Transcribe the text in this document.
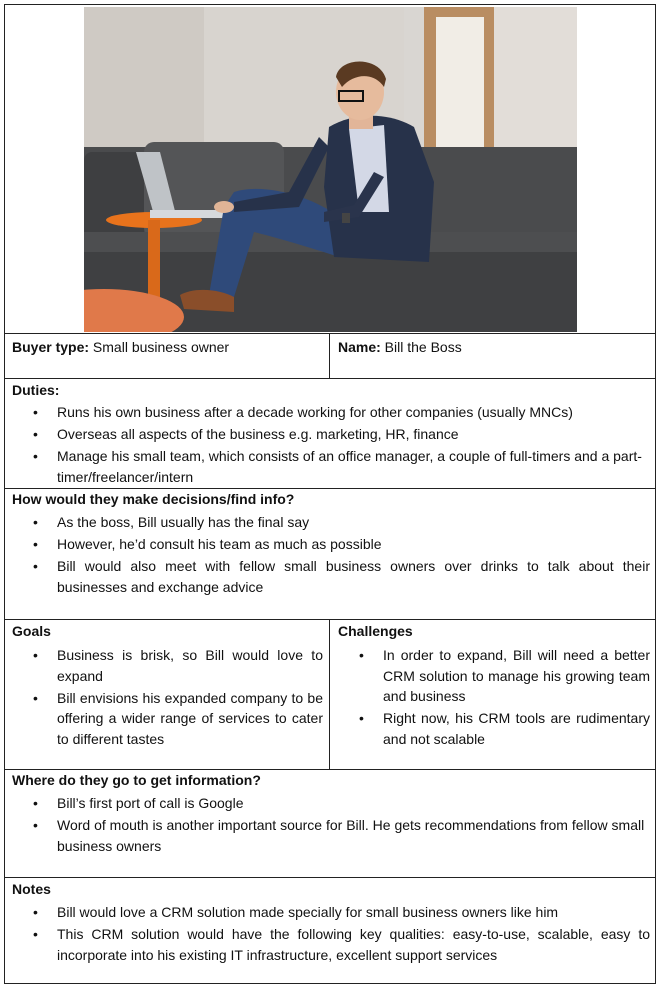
Buyer type: Small business owner	Name: Bill the Boss
Duties:
• Runs his own business after a decade working for other companies (usually MNCs)
• Overseas all aspects of the business e.g. marketing, HR, finance
• Manage his small team, which consists of an office manager, a couple of full-timers and a part-timer/freelancer/intern
How would they make decisions/find info?
• As the boss, Bill usually has the final say
• However, he’d consult his team as much as possible
• Bill would also meet with fellow small business owners over drinks to talk about their businesses and exchange advice
Goals
• Business is brisk, so Bill would love to expand
• Bill envisions his expanded company to be offering a wider range of services to cater to different tastes
Challenges
• In order to expand, Bill will need a better CRM solution to manage his growing team and business
• Right now, his CRM tools are rudimentary and not scalable
Where do they go to get information?
• Bill’s first port of call is Google
• Word of mouth is another important source for Bill. He gets recommendations from fellow small business owners
Notes
• Bill would love a CRM solution made specially for small business owners like him
• This CRM solution would have the following key qualities: easy-to-use, scalable, easy to incorporate into his existing IT infrastructure, excellent support services
